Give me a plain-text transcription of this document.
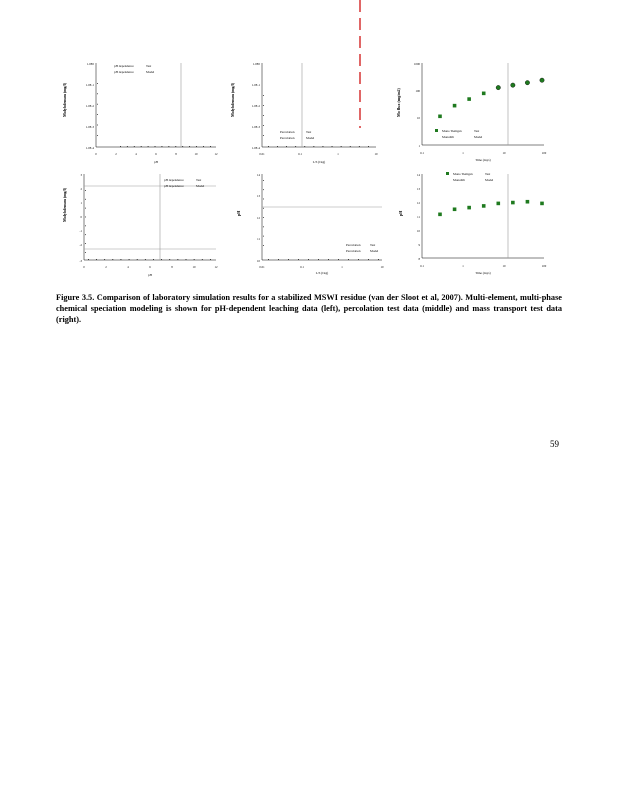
Molybdenum (mg/l)
1.0E0
1.0E-1
1.0E-2
1.0E-3
1.0E-4
0	2	4	6	8	10	12
pH
pH dependence	Test
pH dependence	Model
Molybdenum (mg/l)
1.0E0
1.0E-1
1.0E-2
1.0E-3
1.0E-4
0.01	0.1	1	10
L/S (l/kg)
Percolation	Test
Percolation	Model
Mo flux (mg/m2)
1000
100
10
1
0.1	1	10	100
Time (days)
Mono Tiemgen	Test
Monolith	Model
Molybdenum (mg/l)
3
2
1
0
-1
-2
-3
0	2	4	6	8	10	12
pH
pH dependence	Test
pH dependence	Model
pH
14
13
12
11
10
0.01	0.1	1	10
L/S (l/kg)
Percolation	Test
Percolation	Model
pH
14
13
12
11
10
9
8
0.1	1	10	100
Time (days)
Mono Tiemgen	Test
Monolith	Model

Figure 3.5. Comparison of laboratory simulation results for a stabilized MSWI residue (van der Sloot et al, 2007). Multi-element, multi-phase chemical speciation modeling is shown for pH-dependent leaching data (left), percolation test data (middle) and mass transport test data (right).

59
